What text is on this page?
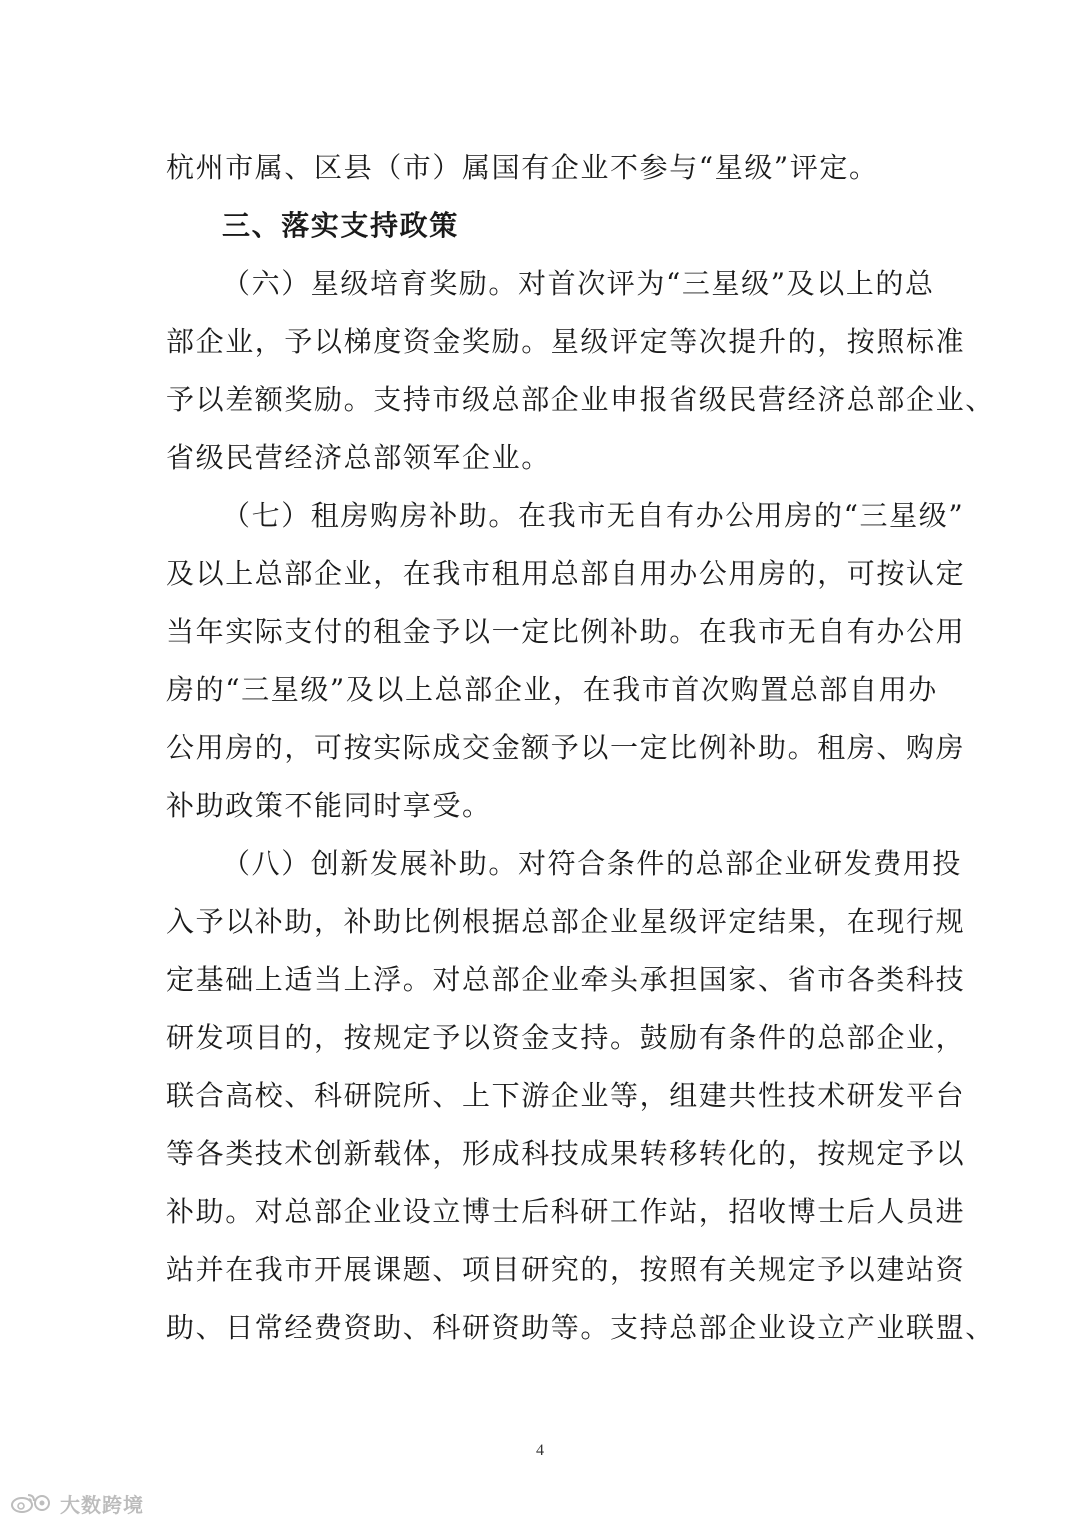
杭州市属、区县（市）属国有企业不参与“星级”评定。
三、落实支持政策
（六）星级培育奖励。对首次评为“三星级”及以上的总
部企业，予以梯度资金奖励。星级评定等次提升的，按照标准
予以差额奖励。支持市级总部企业申报省级民营经济总部企业、
省级民营经济总部领军企业。
（七）租房购房补助。在我市无自有办公用房的“三星级”
及以上总部企业，在我市租用总部自用办公用房的，可按认定
当年实际支付的租金予以一定比例补助。在我市无自有办公用
房的“三星级”及以上总部企业，在我市首次购置总部自用办
公用房的，可按实际成交金额予以一定比例补助。租房、购房
补助政策不能同时享受。
（八）创新发展补助。对符合条件的总部企业研发费用投
入予以补助，补助比例根据总部企业星级评定结果，在现行规
定基础上适当上浮。对总部企业牵头承担国家、省市各类科技
研发项目的，按规定予以资金支持。鼓励有条件的总部企业，
联合高校、科研院所、上下游企业等，组建共性技术研发平台
等各类技术创新载体，形成科技成果转移转化的，按规定予以
补助。对总部企业设立博士后科研工作站，招收博士后人员进
站并在我市开展课题、项目研究的，按照有关规定予以建站资
助、日常经费资助、科研资助等。支持总部企业设立产业联盟、
4
大数跨境
